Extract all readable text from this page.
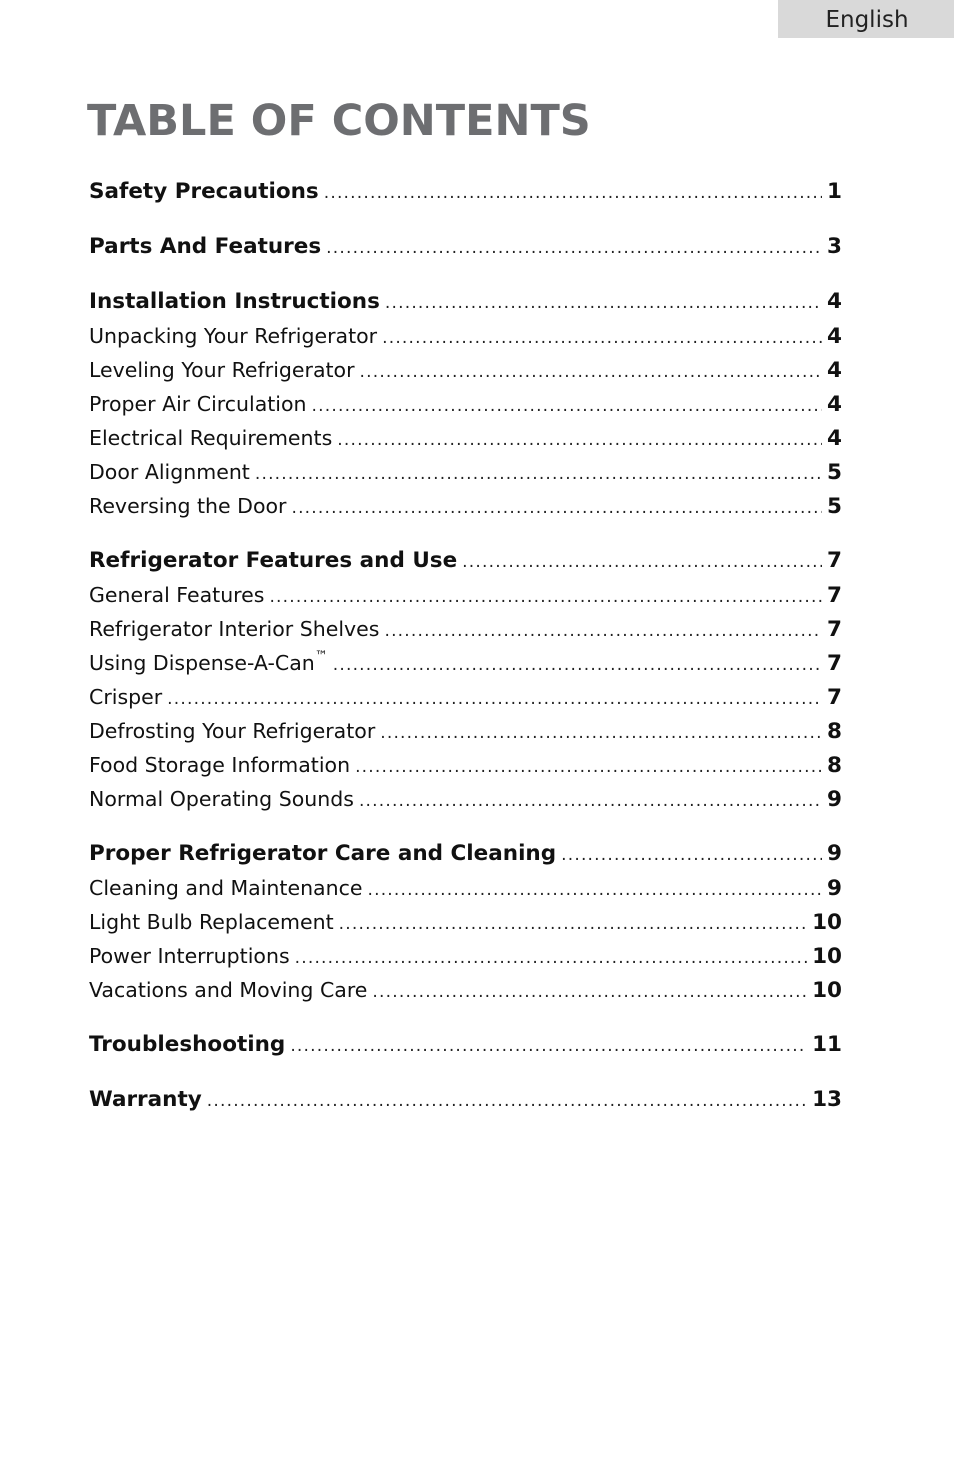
English
TABLE OF CONTENTS
Safety Precautions .....	1
Parts And Features .....	3
Installation Instructions .....	4
Unpacking Your Refrigerator .....	4
Leveling Your Refrigerator .....	4
Proper Air Circulation .....	4
Electrical Requirements .....	4
Door Alignment .....	5
Reversing the Door .....	5
Refrigerator Features and Use .....	7
General Features .....	7
Refrigerator Interior Shelves .....	7
Using Dispense-A-Can™ .....	7
Crisper .....	7
Defrosting Your Refrigerator .....	8
Food Storage Information .....	8
Normal Operating Sounds .....	9
Proper Refrigerator Care and Cleaning .....	9
Cleaning and Maintenance .....	9
Light Bulb Replacement .....	10
Power Interruptions .....	10
Vacations and Moving Care .....	10
Troubleshooting .....	11
Warranty .....	13
